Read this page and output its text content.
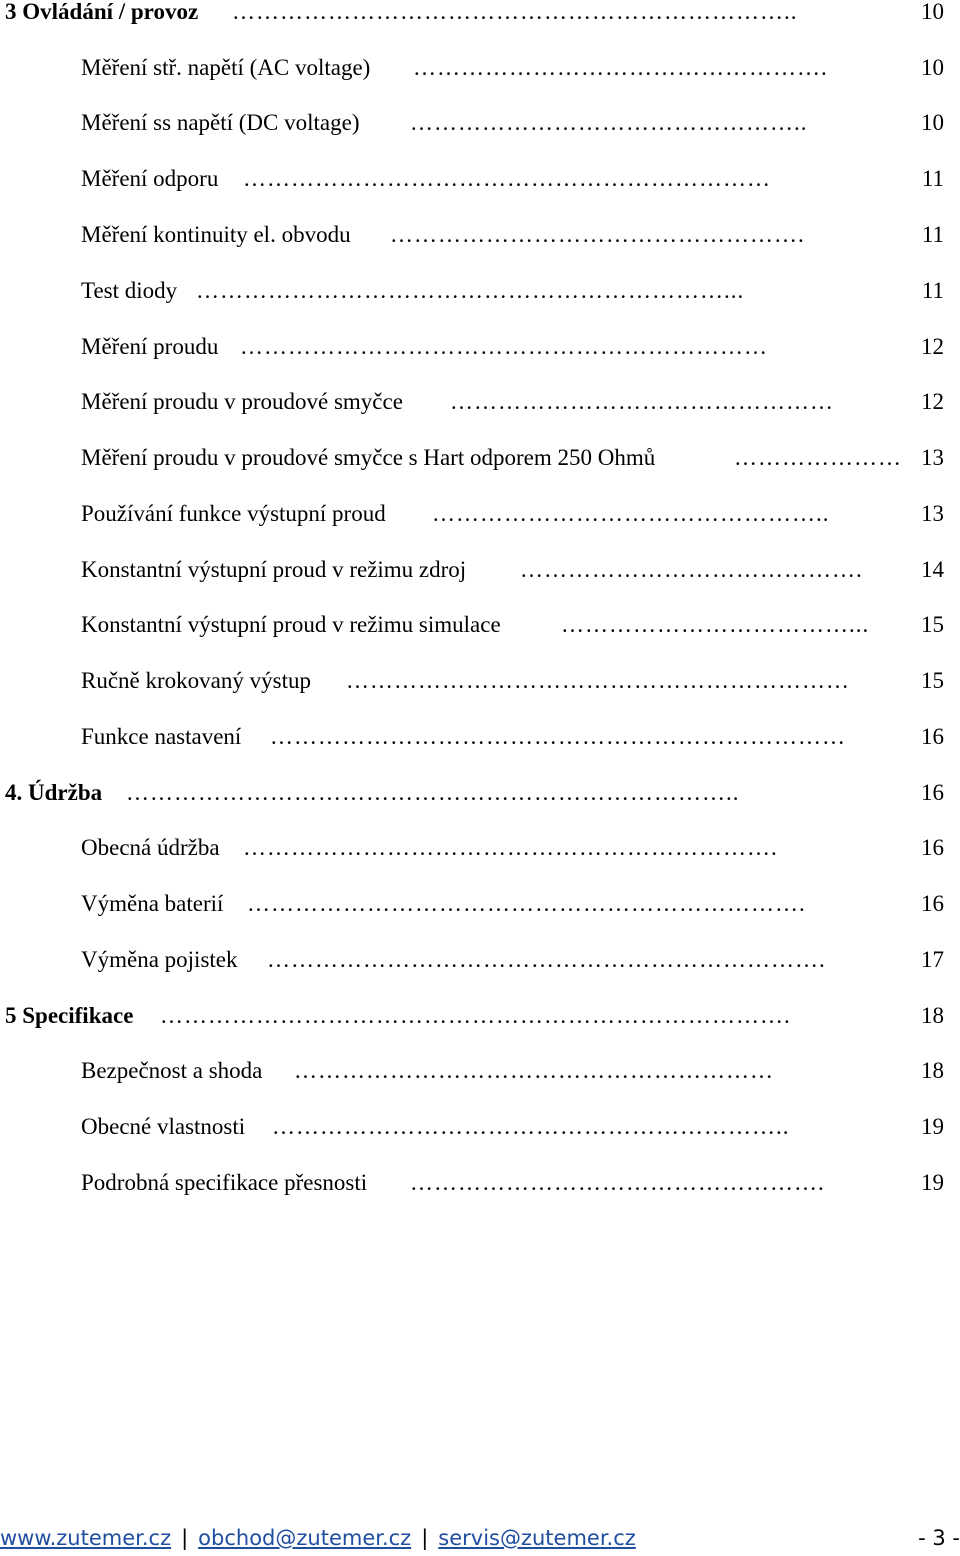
3 Ovládání / provoz ……………………………………………………………..	10
Měření stř. napětí (AC voltage) …………………………………………….	10
Měření ss napětí (DC voltage) …………………………………………..	10
Měření odporu …………………………………………………………	11
Měření kontinuity el. obvodu …………………………………………….	11
Test diody …………………………………………………………...	11
Měření proudu …………………………………………………………	12
Měření proudu v proudové smyčce …………………………………………	12
Měření proudu v proudové smyčce s Hart odporem 250 Ohmů	………………… 13
Používání funkce výstupní proud …………………………………………..	13
Konstantní výstupní proud v režimu zdroj …………………………………….	14
Konstantní výstupní proud v režimu simulace	………………………………...	15
Ručně krokovaný výstup ………………………………………………………	15
Funkce nastavení ………………………………………………………………	16
4. Údržba …………………………………………………………………..	16
Obecná údržba ………………………………………………………….	16
Výměna baterií …………………………………………………………….	16
Výměna pojistek …………………………………………………………….	17
5 Specifikace …………………………………………………………………….	18
Bezpečnost a shoda ……………………………………………………	18
Obecné vlastnosti ………………………………………………………..	19
Podrobná specifikace přesnosti …………………………………………….	19
www.zutemer.cz | obchod@zutemer.cz | servis@zutemer.cz	- 3 -
